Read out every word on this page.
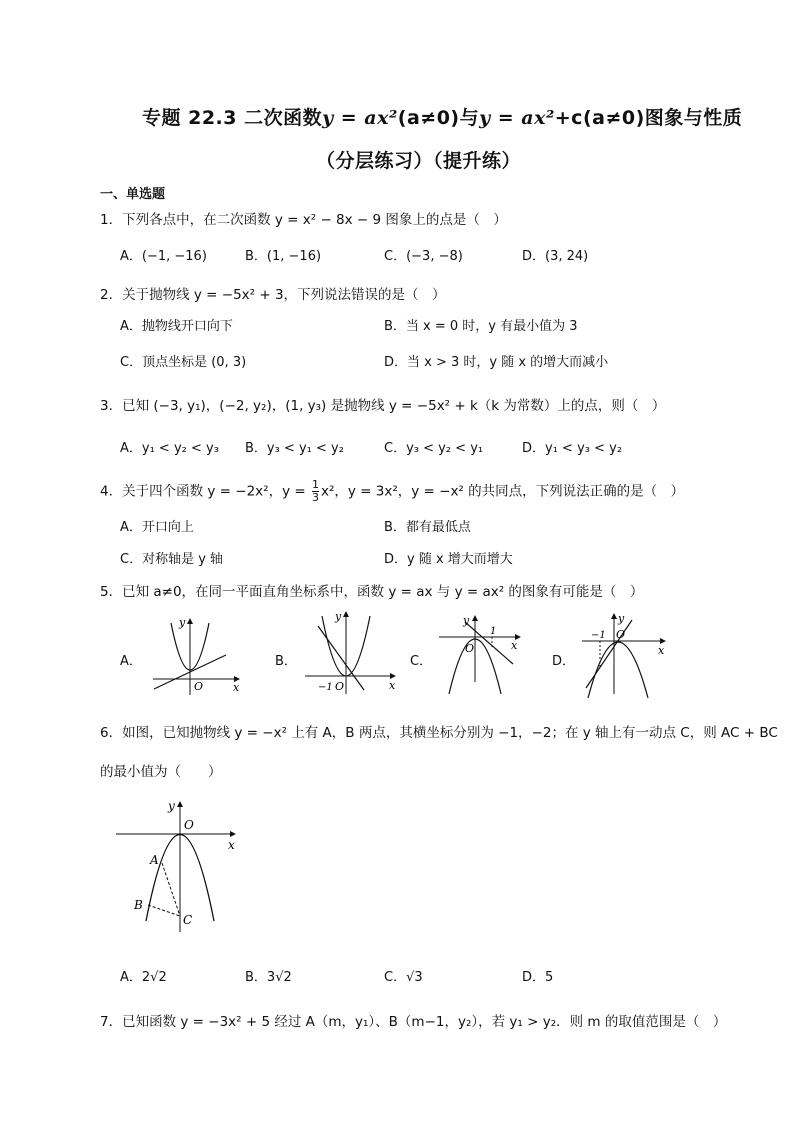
专题 22.3 二次函数y = ax²(a≠0)与y = ax²+c(a≠0)图象与性质
（分层练习）（提升练）
一、单选题
1．下列各点中，在二次函数 y = x² − 8x − 9 图象上的点是（　）
A．(−1, −16)	B．(1, −16)	C．(−3, −8)	D．(3, 24)
2．关于抛物线 y = −5x² + 3，下列说法错误的是（　）
A．抛物线开口向下	B．当 x = 0 时，y 有最小值为 3
C．顶点坐标是 (0, 3)	D．当 x > 3 时，y 随 x 的增大而减小
3．已知 (−3, y₁)，(−2, y₂)，(1, y₃) 是抛物线 y = −5x² + k（k 为常数）上的点，则（　）
A．y₁ < y₂ < y₃ B．y₃ < y₁ < y₂	C．y₃ < y₂ < y₁	D．y₁ < y₃ < y₂
4．关于四个函数 y = −2x²，$y = \frac{1}{3} x^2$，y = 3x²，y = −x² 的共同点，下列说法正确的是（　）
A．开口向上	B．都有最低点
C．对称轴是 y 轴	D．y 随 x 增大而增大
5．已知 a≠0，在同一平面直角坐标系中，函数 y = ax 与 y = ax² 的图象有可能是（　）
A．	B．	C．	D．
y
O	x
y
−1 O	x
y
1
O	x
y
−1 O
x
6．如图，已知抛物线 y = −x² 上有 A，B 两点，其横坐标分别为 −1，−2；在 y 轴上有一动点 C，则 AC + BC
的最小值为（　　）
y
O
x
A
B
C
A．2√2	B．3√2	C．√3	D．5
7．已知函数 y = −3x² + 5 经过 A（m，y₁）、B（m−1，y₂），若 y₁ > y₂．则 m 的取值范围是（　）
